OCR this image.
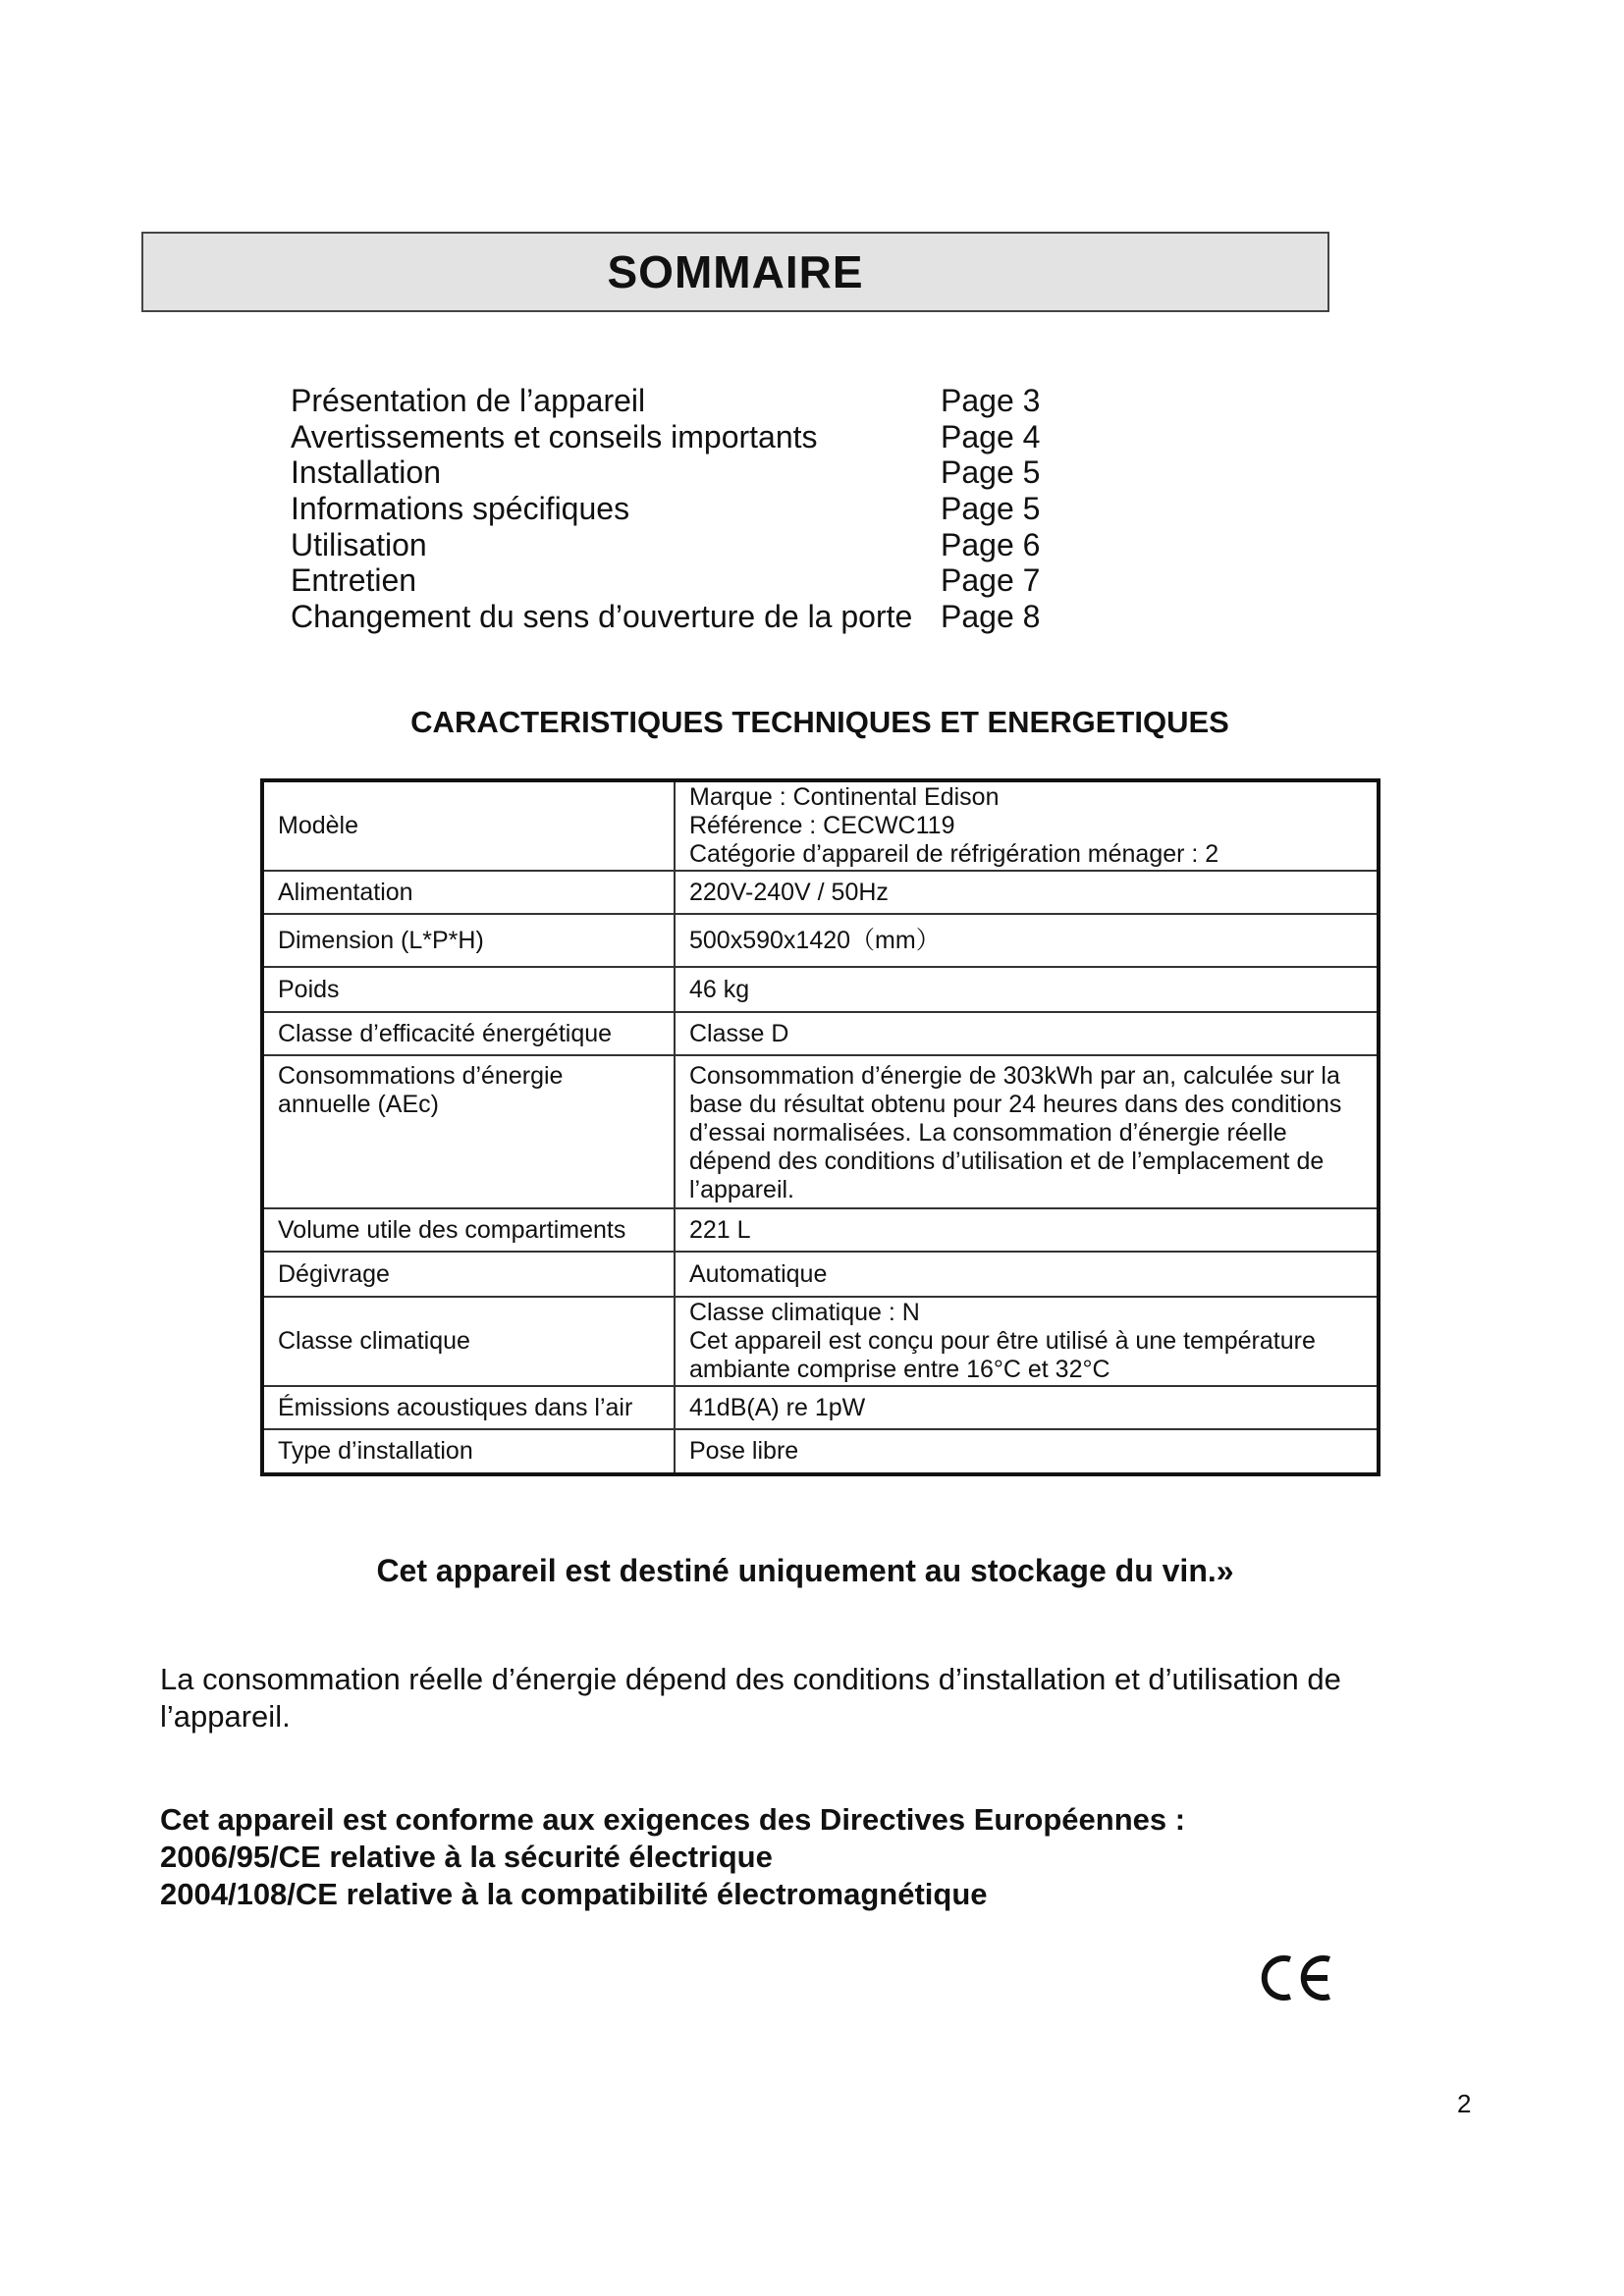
SOMMAIRE
Présentation de l’appareil	Page 3
Avertissements et conseils importants	Page 4
Installation	Page 5
Informations spécifiques	Page 5
Utilisation	Page 6
Entretien	Page 7
Changement du sens d’ouverture de la porte Page 8
CARACTERISTIQUES TECHNIQUES ET ENERGETIQUES
Modèle	Marque : Continental Edison
Référence : CECWC119
Catégorie d’appareil de réfrigération ménager : 2

Alimentation	220V-240V / 50Hz
Dimension (L*P*H)	500x590x1420（mm）
Poids	46 kg
Classe d’efficacité énergétique	Classe D
Consommations d’énergie annuelle (AEc)	Consommation d’énergie de 303kWh par an, calculée sur la base du résultat obtenu pour 24 heures dans des conditions d’essai normalisées. La consommation d’énergie réelle dépend des conditions d’utilisation et de l’emplacement de l’appareil.
Volume utile des compartiments	221 L
Dégivrage	Automatique
Classe climatique	Classe climatique : N
Cet appareil est conçu pour être utilisé à une température ambiante comprise entre 16°C et 32°C

Émissions acoustiques dans l’air	41dB(A) re 1pW
Type d’installation	Pose libre
Cet appareil est destiné uniquement au stockage du vin.»
La consommation réelle d’énergie dépend des conditions d’installation et d’utilisation de l’appareil.
Cet appareil est conforme aux exigences des Directives Européennes :
2006/95/CE relative à la sécurité électrique
2004/108/CE relative à la compatibilité électromagnétique
2
